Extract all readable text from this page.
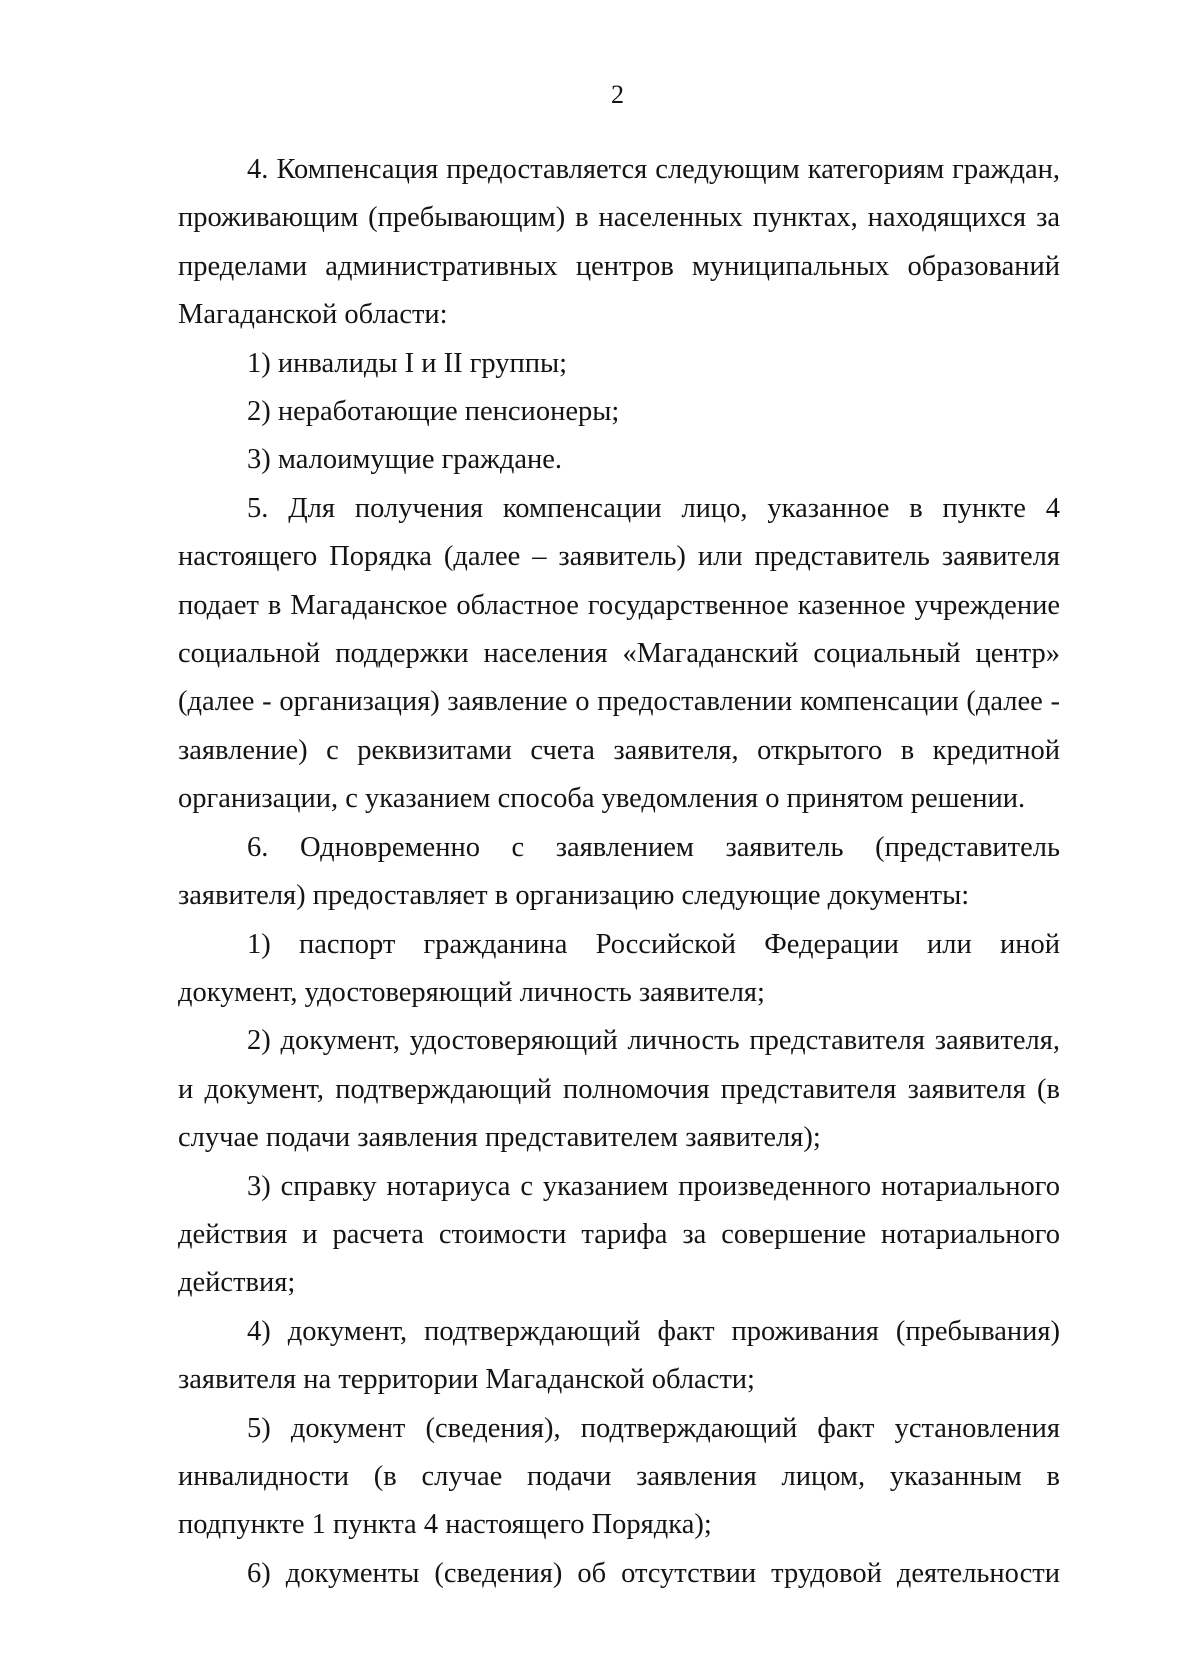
2

4. Компенсация предоставляется следующим категориям граждан, проживающим (пребывающим) в населенных пунктах, находящихся за пределами административных центров муниципальных образований Магаданской области:

1) инвалиды I и II группы;

2) неработающие пенсионеры;

3) малоимущие граждане.

5. Для получения компенсации лицо, указанное в пункте 4 настоящего Порядка (далее – заявитель) или представитель заявителя подает в Магаданское областное государственное казенное учреждение социальной поддержки населения «Магаданский социальный центр» (далее - организация) заявление о предоставлении компенсации (далее - заявление) с реквизитами счета заявителя, открытого в кредитной организации, с указанием способа уведомления о принятом решении.

6. Одновременно с заявлением заявитель (представитель заявителя) предоставляет в организацию следующие документы:

1) паспорт гражданина Российской Федерации или иной документ, удостоверяющий личность заявителя;

2) документ, удостоверяющий личность представителя заявителя, и документ, подтверждающий полномочия представителя заявителя (в случае подачи заявления представителем заявителя);

3) справку нотариуса с указанием произведенного нотариального действия и расчета стоимости тарифа за совершение нотариального действия;

4) документ, подтверждающий факт проживания (пребывания) заявителя на территории Магаданской области;

5) документ (сведения), подтверждающий факт установления инвалидности (в случае подачи заявления лицом, указанным в подпункте 1 пункта 4 настоящего Порядка);

6) документы (сведения) об отсутствии трудовой деятельности
